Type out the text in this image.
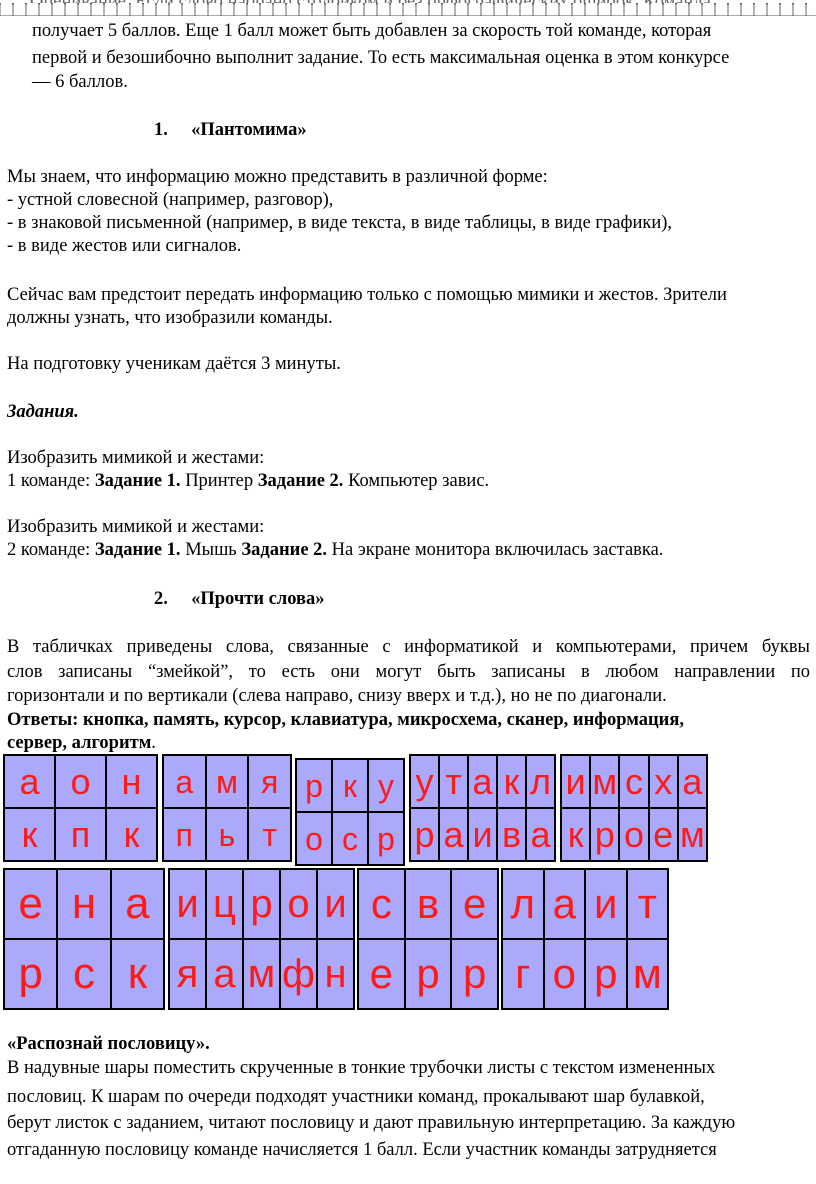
получает 5 баллов. Еще 1 балл может быть добавлен за скорость той команде, которая
первой и безошибочно выполнит задание. То есть максимальная оценка в этом конкурсе
— 6 баллов.
1. «Пантомима»
Мы знаем, что информацию можно представить в различной форме:
- устной словесной (например, разговор),
- в знаковой письменной (например, в виде текста, в виде таблицы, в виде графики),
- в виде жестов или сигналов.
Сейчас вам предстоит передать информацию только с помощью мимики и жестов. Зрители
должны узнать, что изобразили команды.
На подготовку ученикам даётся 3 минуты.
Задания.
Изобразить мимикой и жестами:
1 команде: Задание 1. Принтер Задание 2. Компьютер завис.
Изобразить мимикой и жестами:
2 команде: Задание 1. Мышь Задание 2. На экране монитора включилась заставка.
2. «Прочти слова»
В табличках приведены слова, связанные с информатикой и компьютерами, причем буквы
слов записаны “змейкой”, то есть они могут быть записаны в любом направлении по
горизонтали и по вертикали (слева направо, снизу вверх и т.д.), но не по диагонали.
Ответы: кнопка, память, курсор, клавиатура, микросхема, сканер, информация,
сервер, алгоритм.
а о н
к п к
а м я
п ь т
р к у
о с р
у т а к л
р а и в а
и м с х а
к р о е м
е н а
р с к
и ц р о и
я а м ф н
с в е
е р р
л а и т
г о р м
«Распознай пословицу».
В надувные шары поместить скрученные в тонкие трубочки листы с текстом измененных
пословиц. К шарам по очереди подходят участники команд, прокалывают шар булавкой,
берут листок с заданием, читают пословицу и дают правильную интерпретацию. За каждую
отгаданную пословицу команде начисляется 1 балл. Если участник команды затрудняется
